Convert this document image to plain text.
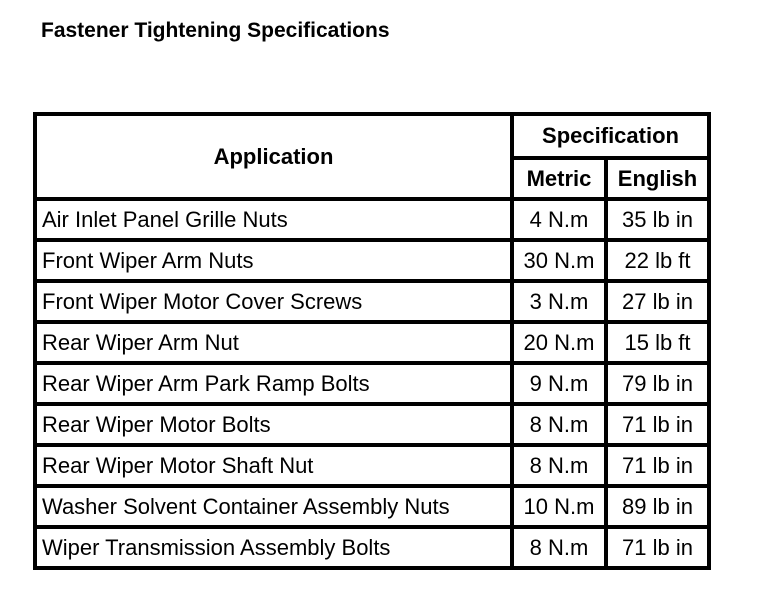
Fastener Tightening Specifications
Application	Specification	
	Metric	English
Air Inlet Panel Grille Nuts	4 N.m	35 lb in
Front Wiper Arm Nuts	30 N.m	22 lb ft
Front Wiper Motor Cover Screws	3 N.m	27 lb in
Rear Wiper Arm Nut	20 N.m	15 lb ft
Rear Wiper Arm Park Ramp Bolts	9 N.m	79 lb in
Rear Wiper Motor Bolts	8 N.m	71 lb in
Rear Wiper Motor Shaft Nut	8 N.m	71 lb in
Washer Solvent Container Assembly Nuts	10 N.m	89 lb in
Wiper Transmission Assembly Bolts	8 N.m	71 lb in
